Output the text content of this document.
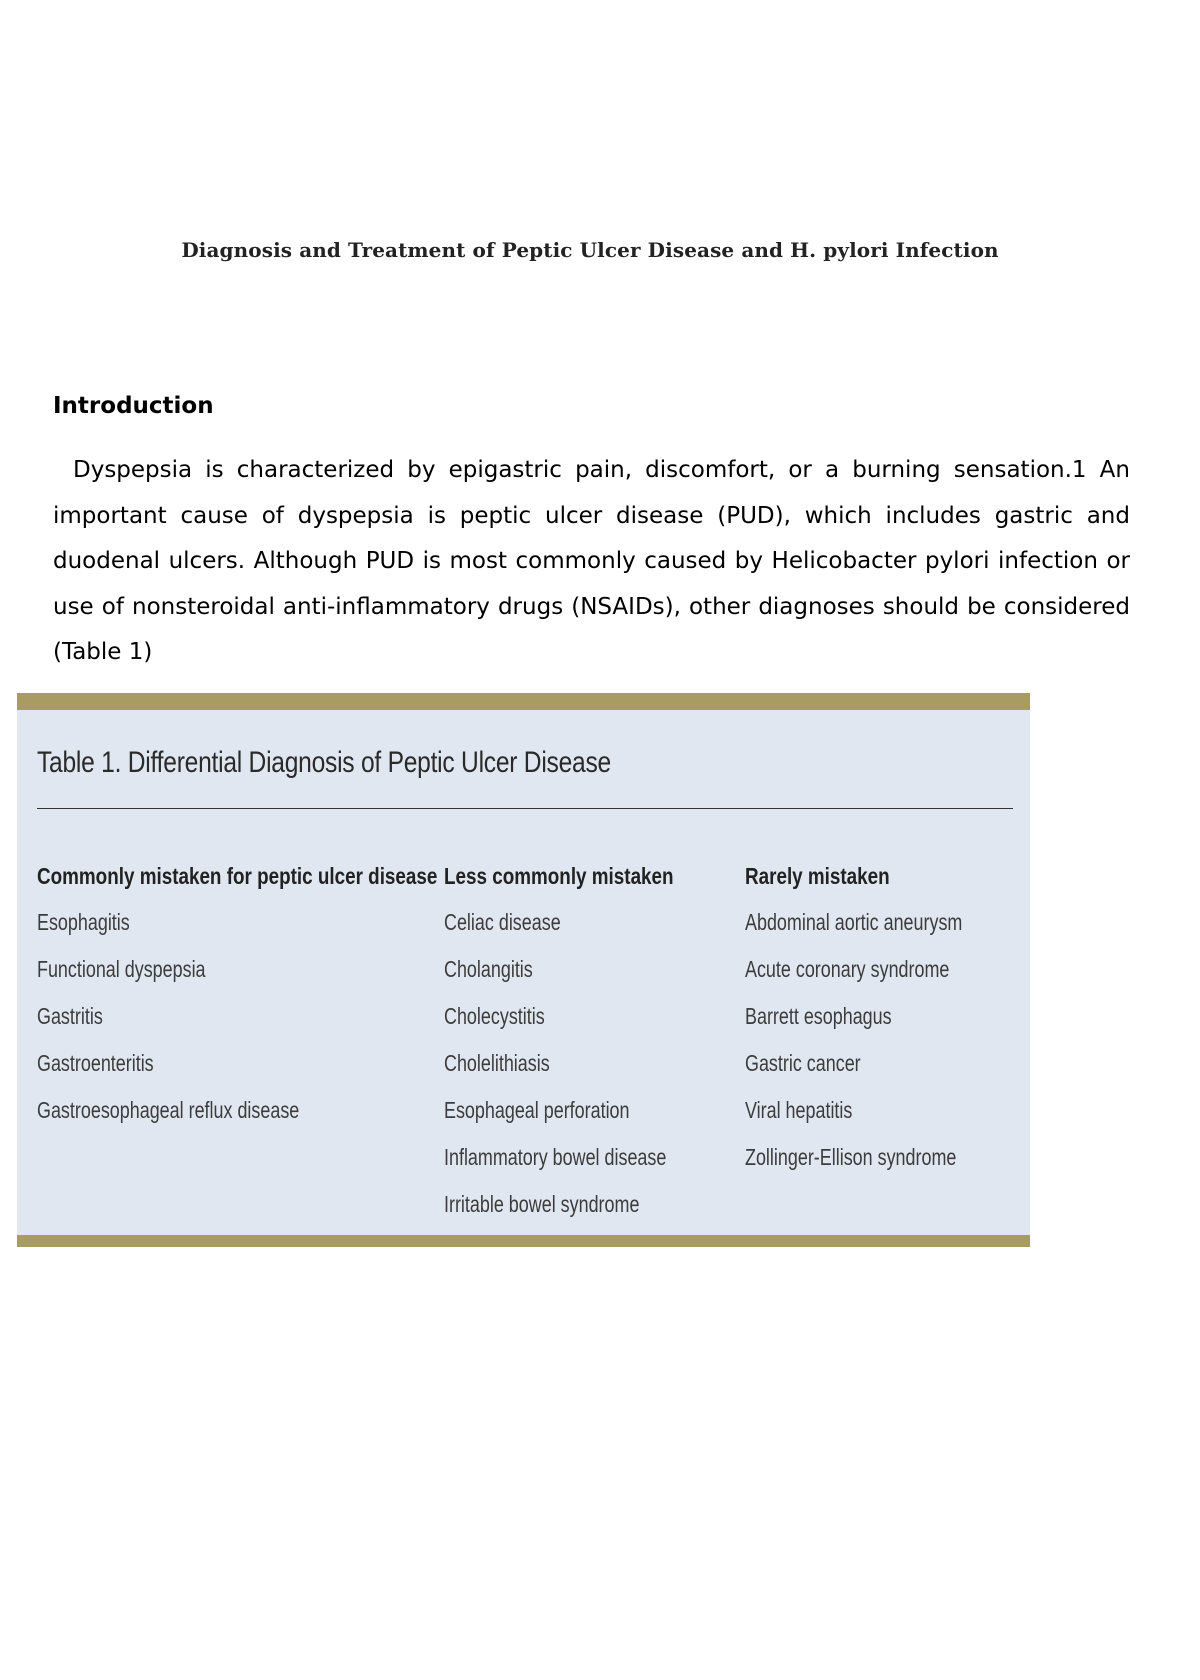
Diagnosis and Treatment of Peptic Ulcer Disease and H. pylori Infection
Introduction

Dyspepsia is characterized by epigastric pain, discomfort, or a burning sensation.1 An important cause of dyspepsia is peptic ulcer disease (PUD), which includes gastric and duodenal ulcers. Although PUD is most commonly caused by Helicobacter pylori infection or use of nonsteroidal anti-inflammatory drugs (NSAIDs), other diagnoses should be considered (Table 1)

Table 1. Differential Diagnosis of Peptic Ulcer Disease
Commonly mistaken for peptic ulcer disease
Esophagitis
Functional dyspepsia
Gastritis
Gastroenteritis
Gastroesophageal reflux disease
Less commonly mistaken
Celiac disease
Cholangitis
Cholecystitis
Cholelithiasis
Esophageal perforation
Inflammatory bowel disease
Irritable bowel syndrome
Rarely mistaken
Abdominal aortic aneurysm
Acute coronary syndrome
Barrett esophagus
Gastric cancer
Viral hepatitis
Zollinger-Ellison syndrome
